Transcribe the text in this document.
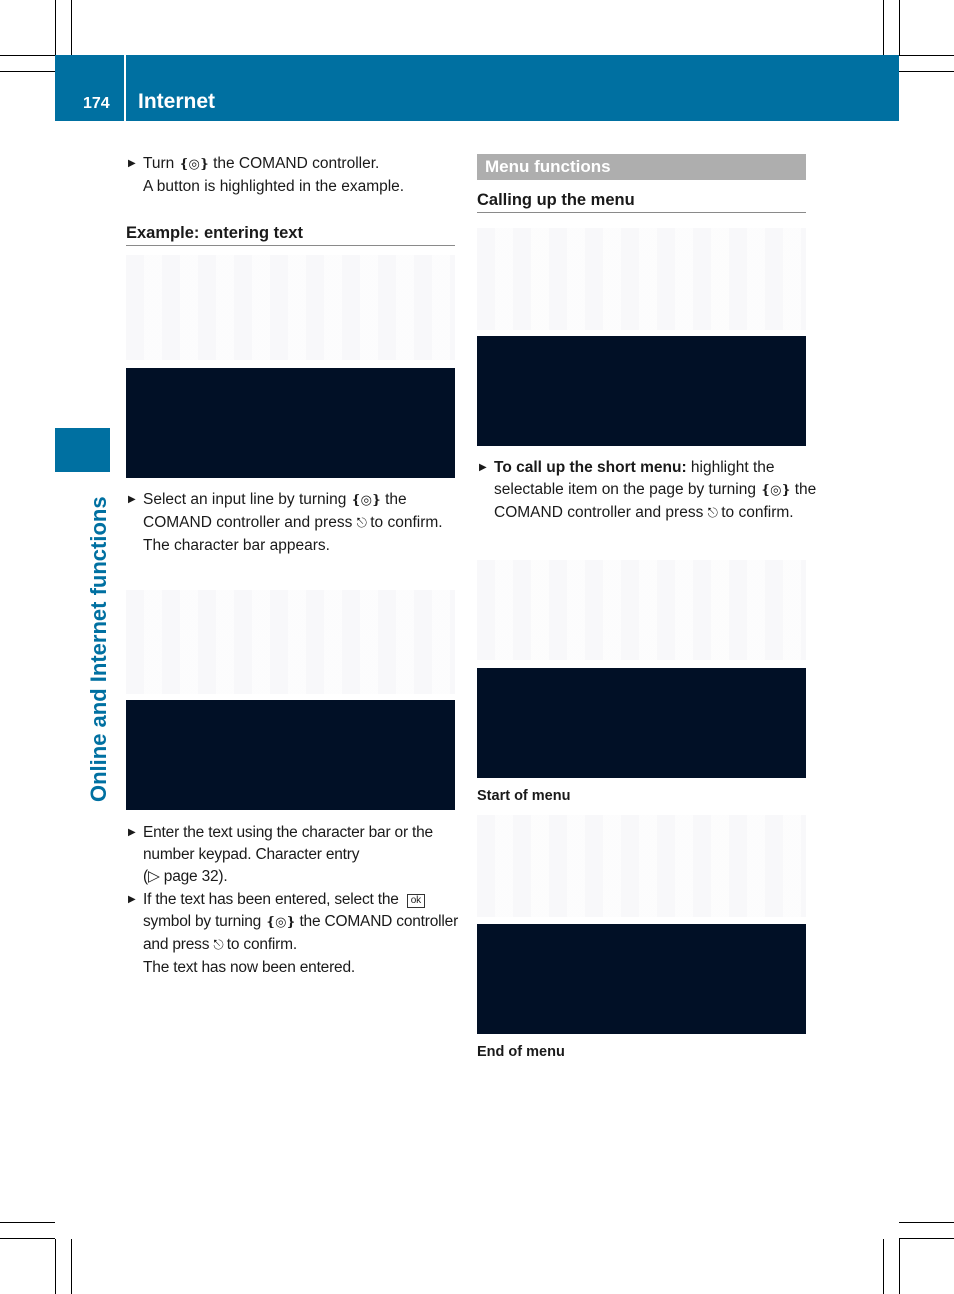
174 Internet
Online and Internet functions
▶ Turn ❴◎❵ the COMAND controller.
A button is highlighted in the example.
Example: entering text
▶ Select an input line by turning ❴◎❵ the COMAND controller and press ⎋ to confirm.
The character bar appears.
▶ Enter the text using the character bar or the number keypad. Character entry
(▷ page 32).
▶ If the text has been entered, select the oksymbol by turning ❴◎❵ the COMAND controller and press ⎋ to confirm.
The text has now been entered.
Menu functions
Calling up the menu
▶ To call up the short menu: highlight the selectable item on the page by turning ❴◎❵ the COMAND controller and press ⎋ to confirm.
Start of menu
End of menu
